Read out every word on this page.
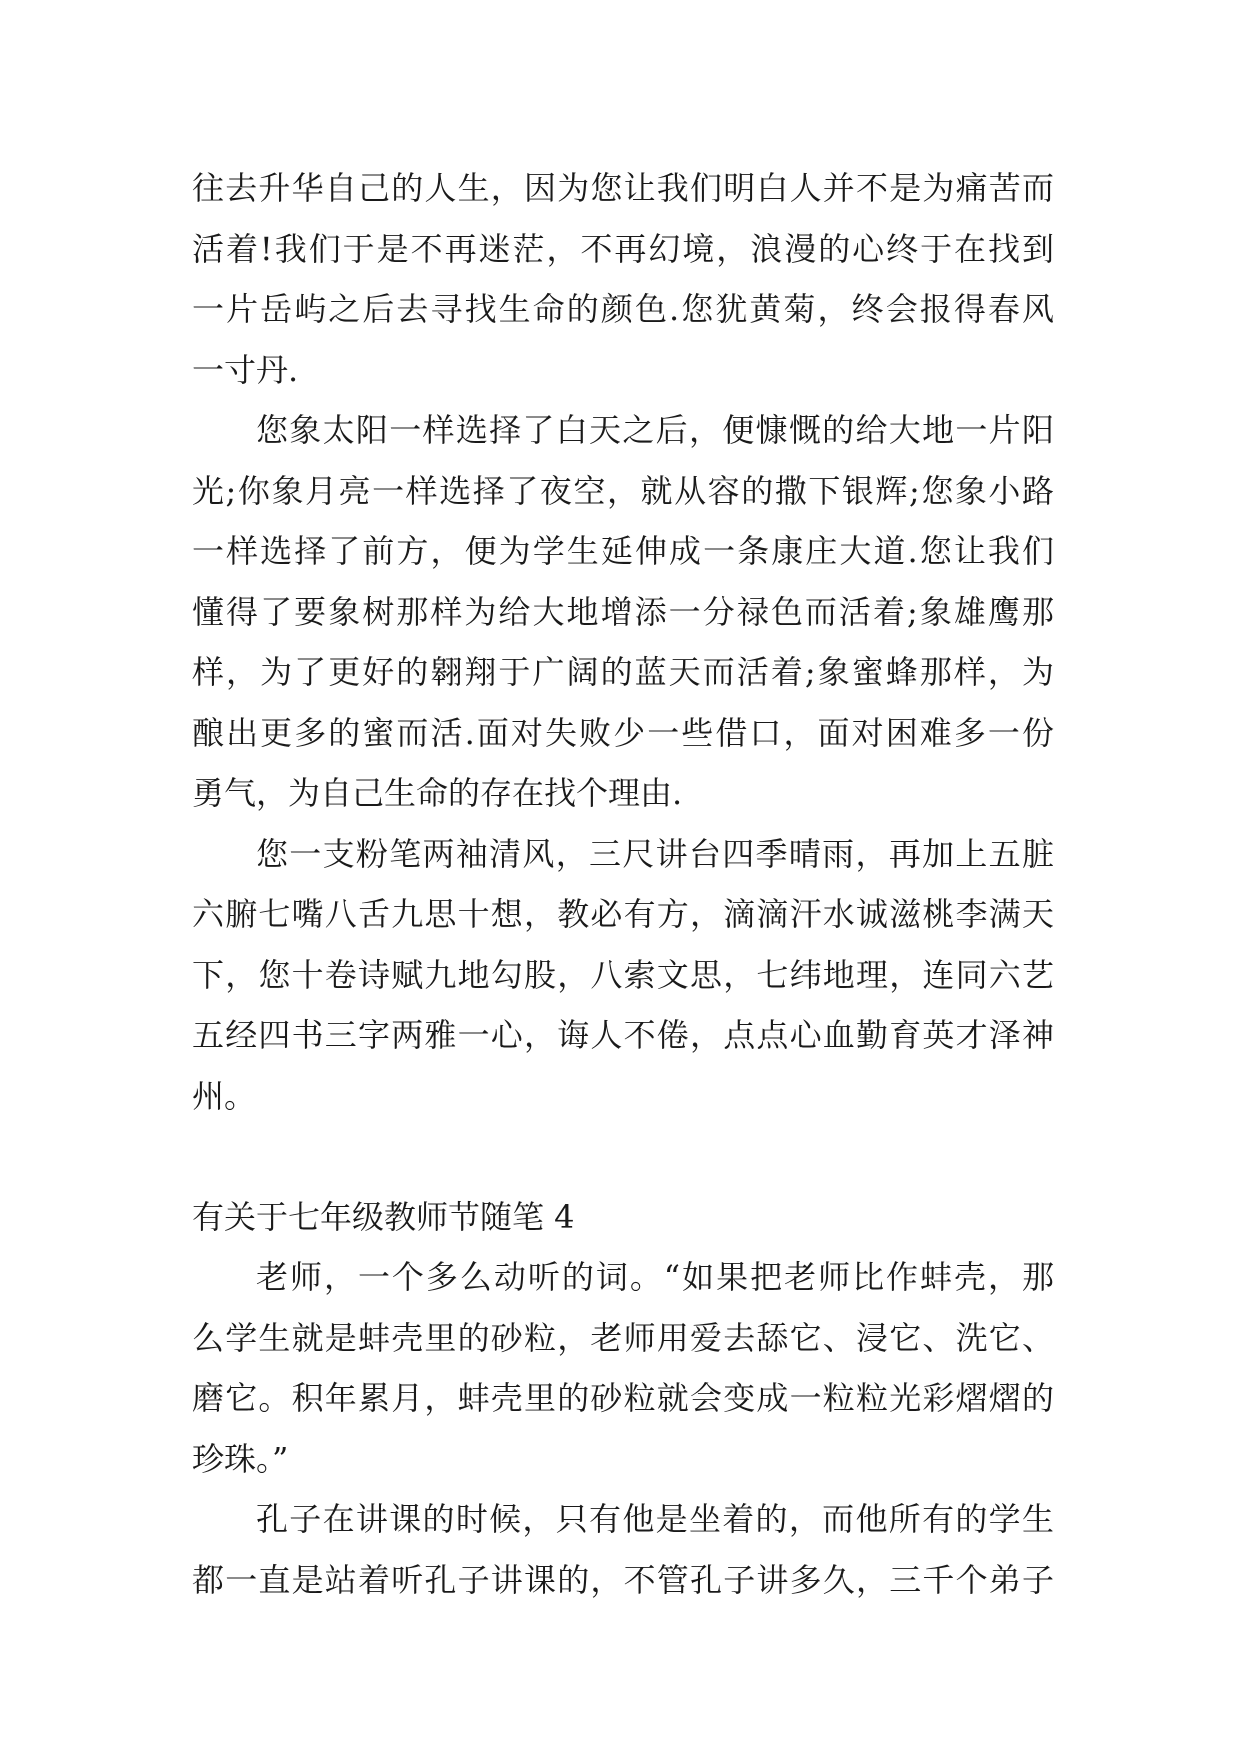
往去升华自己的人生，因为您让我们明白人并不是为痛苦而
活着!我们于是不再迷茫，不再幻境，浪漫的心终于在找到
一片岳屿之后去寻找生命的颜色.您犹黄菊，终会报得春风
一寸丹.
您象太阳一样选择了白天之后，便慷慨的给大地一片阳
光;你象月亮一样选择了夜空，就从容的撒下银辉;您象小路
一样选择了前方，便为学生延伸成一条康庄大道.您让我们
懂得了要象树那样为给大地增添一分禄色而活着;象雄鹰那
样，为了更好的翱翔于广阔的蓝天而活着;象蜜蜂那样，为
酿出更多的蜜而活.面对失败少一些借口，面对困难多一份
勇气，为自己生命的存在找个理由.
您一支粉笔两袖清风，三尺讲台四季晴雨，再加上五脏
六腑七嘴八舌九思十想，教必有方，滴滴汗水诚滋桃李满天
下，您十卷诗赋九地勾股，八索文思，七纬地理，连同六艺
五经四书三字两雅一心，诲人不倦，点点心血勤育英才泽神
州。
有关于七年级教师节随笔 4
老师，一个多么动听的词。“如果把老师比作蚌壳，那
么学生就是蚌壳里的砂粒，老师用爱去舔它、浸它、洗它、
磨它。积年累月，蚌壳里的砂粒就会变成一粒粒光彩熠熠的
珍珠。”
孔子在讲课的时候，只有他是坐着的，而他所有的学生
都一直是站着听孔子讲课的，不管孔子讲多久，三千个弟子
